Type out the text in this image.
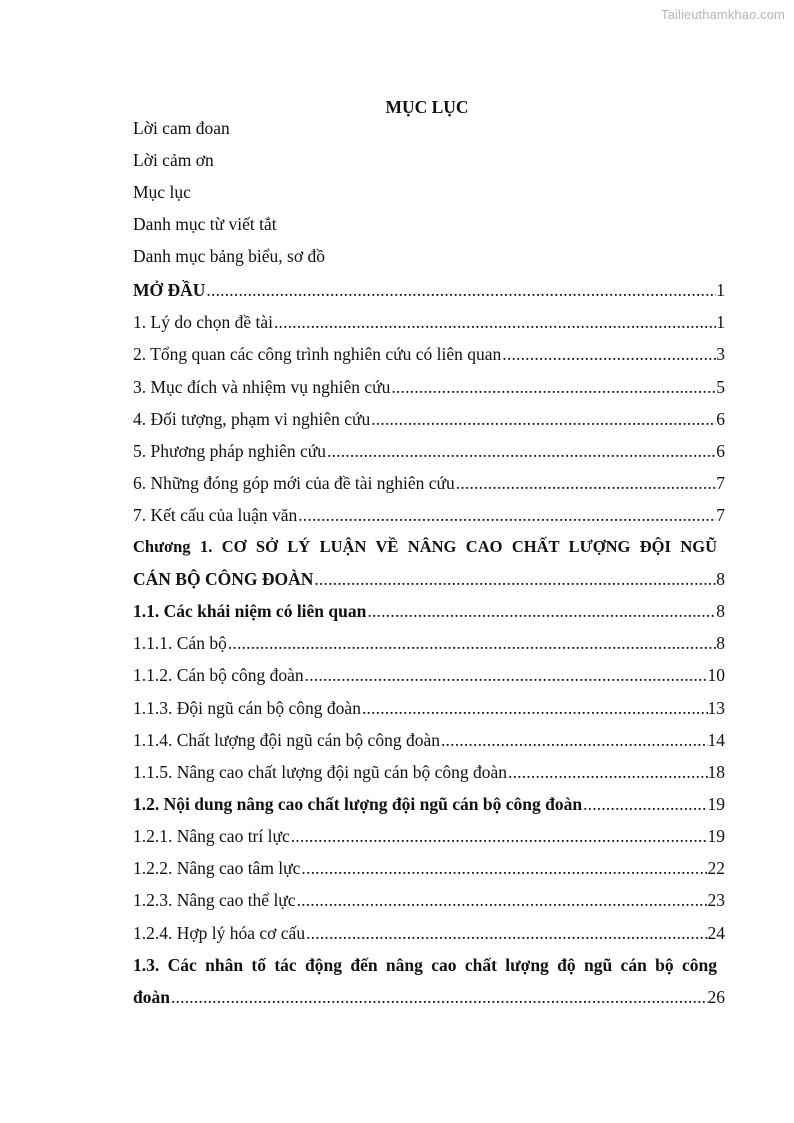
Tailieuthamkhao.com
MỤC LỤC
Lời cam đoan
Lời cảm ơn
Mục lục
Danh mục từ viết tắt
Danh mục bảng biểu, sơ đồ
MỞ ĐẦU .....	1
1. Lý do chọn đề tài .....	1
2. Tổng quan các công trình nghiên cứu có liên quan .....	3
3. Mục đích và nhiệm vụ nghiên cứu .....	5
4. Đối tượng, phạm vi nghiên cứu .....	6
5. Phương pháp nghiên cứu .....	6
6. Những đóng góp mới của đề tài nghiên cứu .....	7
7. Kết cấu của luận văn .....	7
Chương 1. CƠ SỞ LÝ LUẬN VỀ NÂNG CAO CHẤT LƯỢNG ĐỘI NGŨ
CÁN BỘ CÔNG ĐOÀN .....	8
1.1. Các khái niệm có liên quan .....	8
1.1.1. Cán bộ .....	8
1.1.2. Cán bộ công đoàn .....	10
1.1.3. Đội ngũ cán bộ công đoàn .....	13
1.1.4. Chất lượng đội ngũ cán bộ công đoàn .....	14
1.1.5. Nâng cao chất lượng đội ngũ cán bộ công đoàn .....	18
1.2. Nội dung nâng cao chất lượng đội ngũ cán bộ công đoàn .....	19
1.2.1. Nâng cao trí lực .....	19
1.2.2. Nâng cao tâm lực .....	22
1.2.3. Nâng cao thể lực .....	23
1.2.4. Hợp lý hóa cơ cấu .....	24
1.3. Các nhân tố tác động đến nâng cao chất lượng độ ngũ cán bộ công
đoàn .....	26
